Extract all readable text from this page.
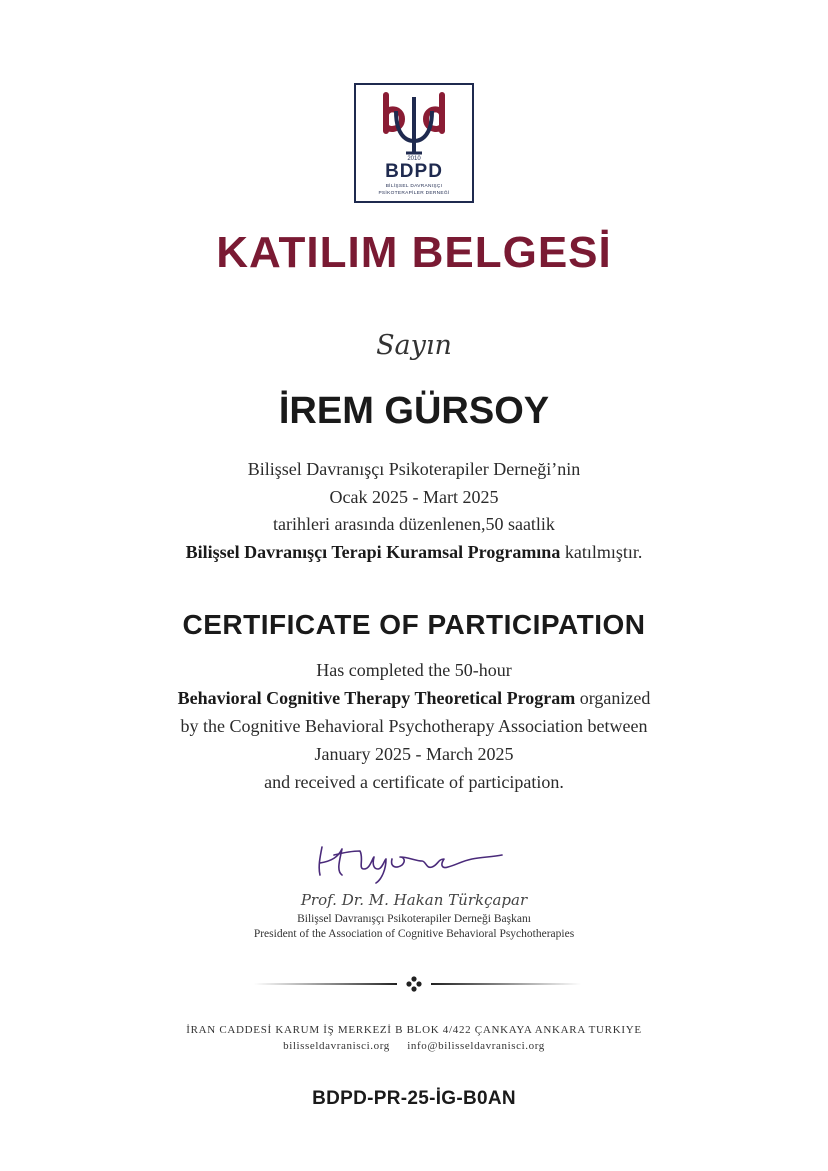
2010
BDPD
BİLİŞSEL DAVRANIŞÇI
PSİKOTERAPİLER DERNEĞİ
KATILIM BELGESİ
Sayın
İREM GÜRSOY
Bilişsel Davranışçı Psikoterapiler Derneği’nin
Ocak 2025 - Mart 2025
tarihleri arasında düzenlenen,50 saatlik
Bilişsel Davranışçı Terapi Kuramsal Programına katılmıştır.
CERTIFICATE OF PARTICIPATION
Has completed the 50-hour
Behavioral Cognitive Therapy Theoretical Program organized
by the Cognitive Behavioral Psychotherapy Association between
January 2025 - March 2025
and received a certificate of participation.
Prof. Dr. M. Hakan Türkçapar
Bilişsel Davranışçı Psikoterapiler Derneği Başkanı
President of the Association of Cognitive Behavioral Psychotherapies
İRAN CADDESİ KARUM İŞ MERKEZİ B BLOK 4/422 ÇANKAYA ANKARA TURKIYE
bilisseldavranisci.org info@bilisseldavranisci.org
BDPD-PR-25-İG-B0AN
